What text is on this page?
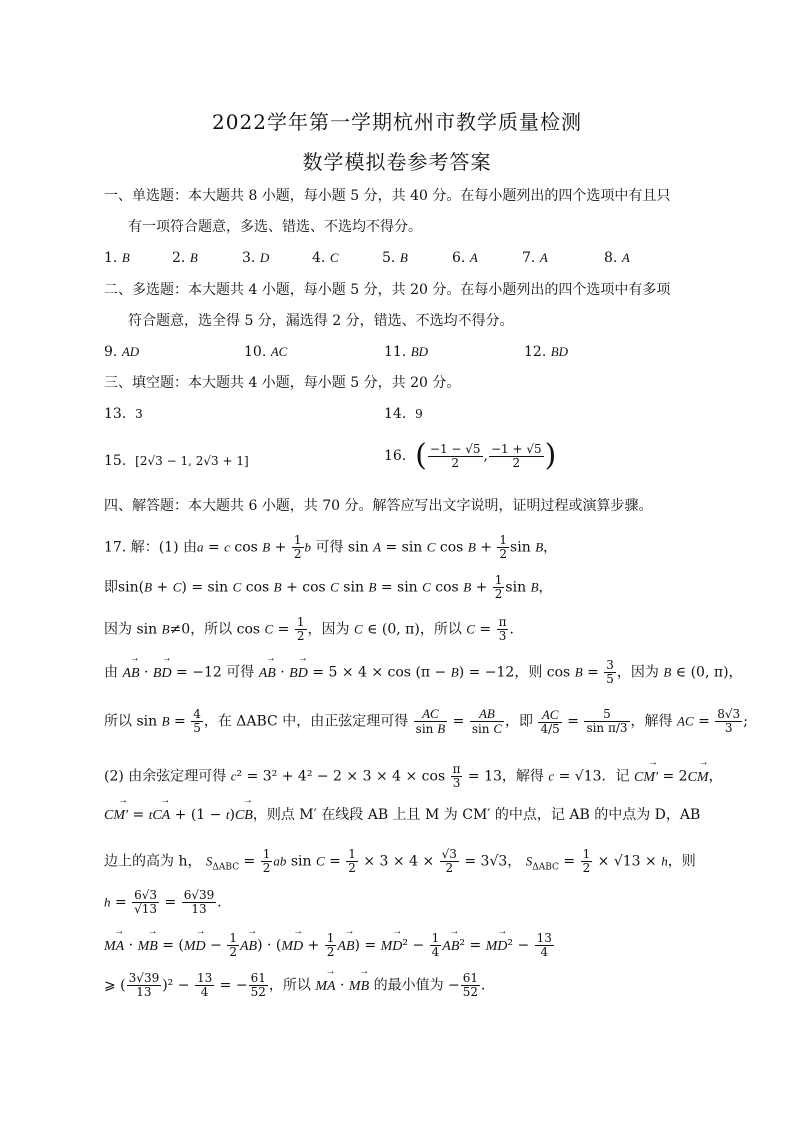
2022学年第一学期杭州市教学质量检测
数学模拟卷参考答案
一、单选题：本大题共 8 小题，每小题 5 分，共 40 分。在每小题列出的四个选项中有且只
有一项符合题意，多选、错选、不选均不得分。
1. B	2. B	3. D	4. C	5. B	6. A	7. A	8. A
二、多选题：本大题共 4 小题，每小题 5 分，共 20 分。在每小题列出的四个选项中有多项
符合题意，选全得 5 分，漏选得 2 分，错选、不选均不得分。
9. AD	10. AC	11. BD	12. BD
三、填空题：本大题共 4 小题，每小题 5 分，共 20 分。
13. 3	14. 9
15. [2√3 − 1, 2√3 + 1]	16. ( $\frac{-1 - √5}{2}$ , $\frac{-1 + √5}{2}$ )
四、解答题：本大题共 6 小题，共 70 分。解答应写出文字说明，证明过程或演算步骤。
17. 解：(1) 由a = c $\cos B + \frac{1}{2}$ b 可得 sin A = sin C $\cos B + \frac{1}{2}$ sin B，
即sin(B + C) = sin C cos B + cos C sin B = sin C $\cos B + \frac{1}{2}$ sin B，
因为 sin B≠0，所以 $\cos C = \frac{1}{2}$ ，因为 C ∈ (0, π)，所以 $C = \frac{\pi}{3}$ ．
由 → AB · → BD = −12 可得 → AB · → BD = 5 × 4 × cos (π − B) = −12，则 $\cos B = \frac{3}{5}$ ，因为 B ∈ (0, π)，
所以 $\sin B = \frac{4}{5}$ ，在 ΔABC 中，由正弦定理可得 $\frac{AC}{\text{sin B}} = \frac{AB}{\text{sin C}}$ ，即 $\frac{AC}{4/5} = \frac{5}{\text{sin π/3}}$ ，解得 AC = $\frac{8√3}{3}$ ;
(2) 由余弦定理可得 $c^2 = 3^2 + 4^2 - 2 \times 3 \times 4 \times \cos \frac{\pi}{3} = 13$，解得 c = √13．记 → CM′ = 2→ CM，
→ CM′ = t→ CA + (1 − t)→ CB，则点 M′ 在线段 AB 上且 M 为 CM′ 的中点，记 AB 的中点为 D，AB
边上的高为 h， $S_{\Delta ABC} = \frac{1}{2}$ ab $\sin C = \frac{1}{2} \times 3 \times 4 \times \frac{√3}{2} = 3√3$， $S_{\Delta ABC} = \frac{1}{2} \times √13 \times h$，则
$h = \frac{6√3}{√13} = \frac{6√39}{13}$ ．
→ MA · → MB = (→ MD − $\frac{1}{2}$
→ AB) · (→ MD + $\frac{1}{2}$
→ AB) = → $MD^2 - \frac{1}{4}$
→ AB² = → $MD^2 - \frac{13}{4}$
⩾ ( $\frac{3√39}{13} )^2 - \frac{13}{4}$ = − $\frac{61}{52}$ ，所以 → MA · → MB 的最小值为 − $\frac{61}{52}$ ．
